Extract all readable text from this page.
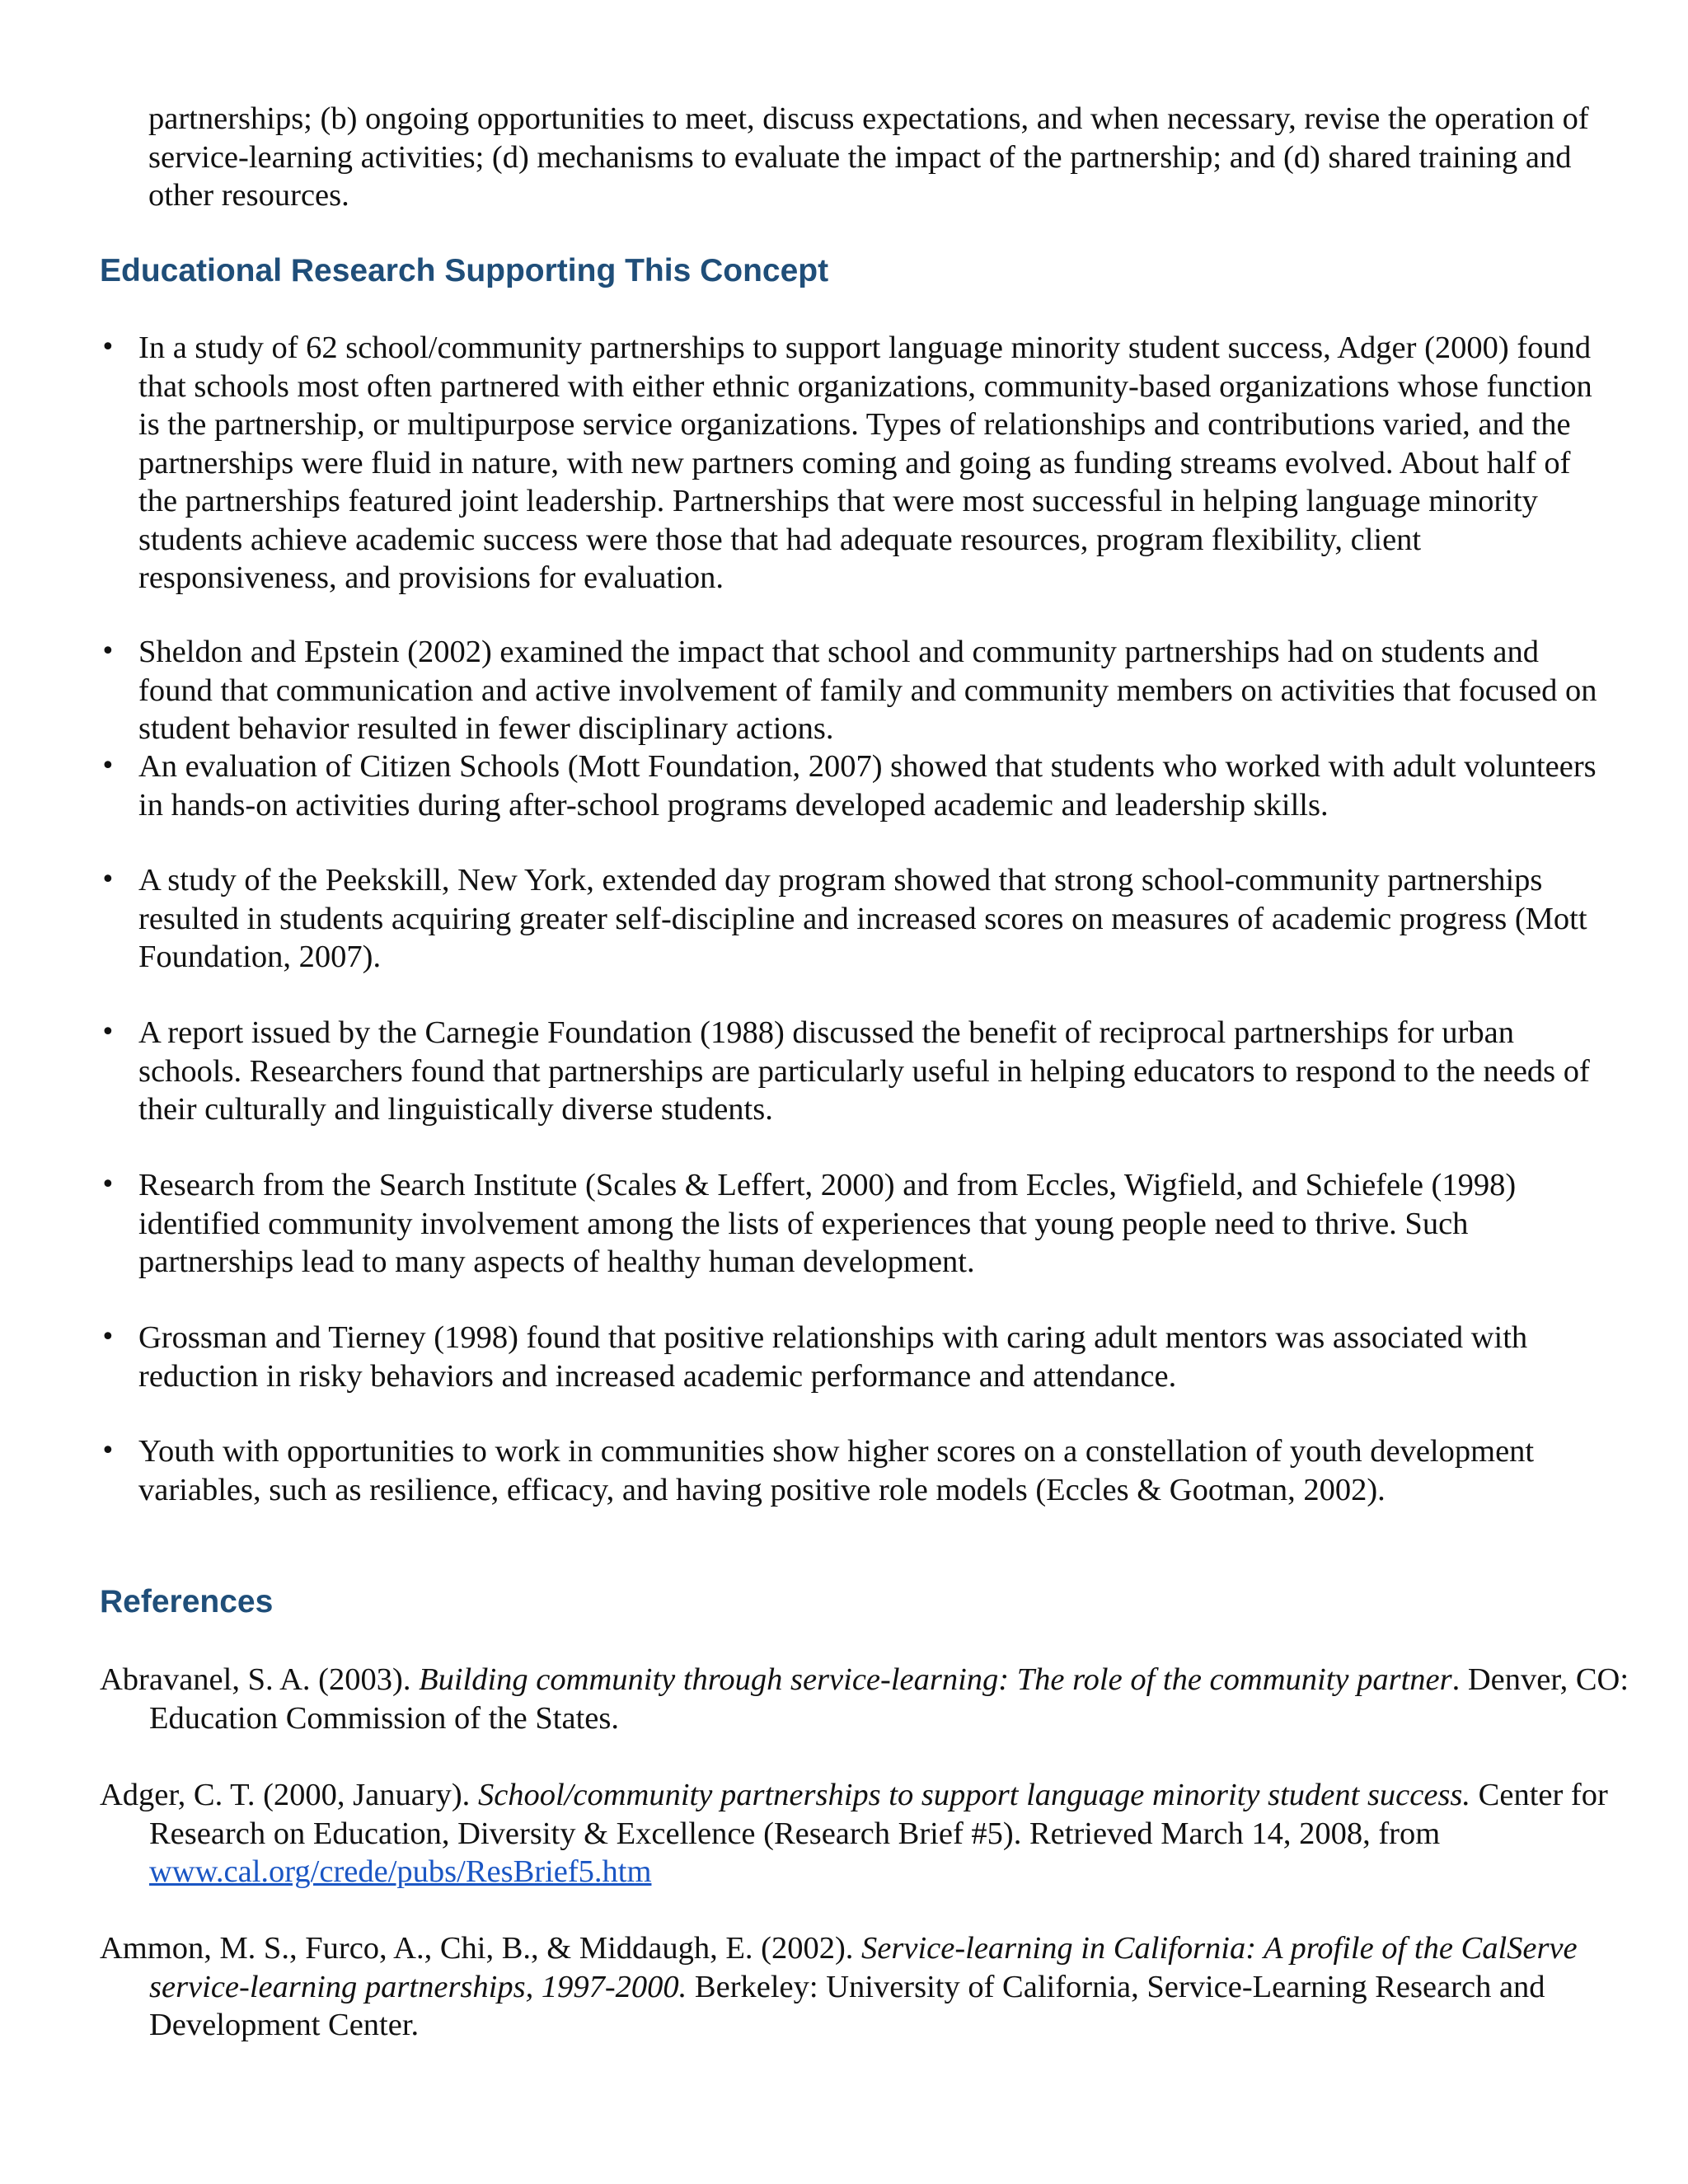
partnerships; (b) ongoing opportunities to meet, discuss expectations, and when necessary, revise the operation of service-learning activities; (d) mechanisms to evaluate the impact of the partnership; and (d) shared training and other resources.

Educational Research Supporting This Concept
• In a study of 62 school/community partnerships to support language minority student success, Adger (2000) found that schools most often partnered with either ethnic organizations, community-based organizations whose function is the partnership, or multipurpose service organizations. Types of relationships and contributions varied, and the partnerships were fluid in nature, with new partners coming and going as funding streams evolved. About half of the partnerships featured joint leadership. Partnerships that were most successful in helping language minority students achieve academic success were those that had adequate resources, program flexibility, client responsiveness, and provisions for evaluation.
• Sheldon and Epstein (2002) examined the impact that school and community partnerships had on students and found that communication and active involvement of family and community members on activities that focused on student behavior resulted in fewer disciplinary actions.
• An evaluation of Citizen Schools (Mott Foundation, 2007) showed that students who worked with adult volunteers in hands-on activities during after-school programs developed academic and leadership skills.
• A study of the Peekskill, New York, extended day program showed that strong school-community partnerships resulted in students acquiring greater self-discipline and increased scores on measures of academic progress (Mott Foundation, 2007).
• A report issued by the Carnegie Foundation (1988) discussed the benefit of reciprocal partnerships for urban schools. Researchers found that partnerships are particularly useful in helping educators to respond to the needs of their culturally and linguistically diverse students.
• Research from the Search Institute (Scales & Leffert, 2000) and from Eccles, Wigfield, and Schiefele (1998) identified community involvement among the lists of experiences that young people need to thrive. Such partnerships lead to many aspects of healthy human development.
• Grossman and Tierney (1998) found that positive relationships with caring adult mentors was associated with reduction in risky behaviors and increased academic performance and attendance.
• Youth with opportunities to work in communities show higher scores on a constellation of youth development variables, such as resilience, efficacy, and having positive role models (Eccles & Gootman, 2002).
References

Abravanel, S. A. (2003). Building community through service-learning: The role of the community partner. Denver, CO: Education Commission of the States.

Adger, C. T. (2000, January). School/community partnerships to support language minority student success. Center for Research on Education, Diversity & Excellence (Research Brief #5). Retrieved March 14, 2008, from www.cal.org/crede/pubs/ResBrief5.htm

Ammon, M. S., Furco, A., Chi, B., & Middaugh, E. (2002). Service-learning in California: A profile of the CalServe service-learning partnerships, 1997-2000. Berkeley: University of California, Service-Learning Research and Development Center.
